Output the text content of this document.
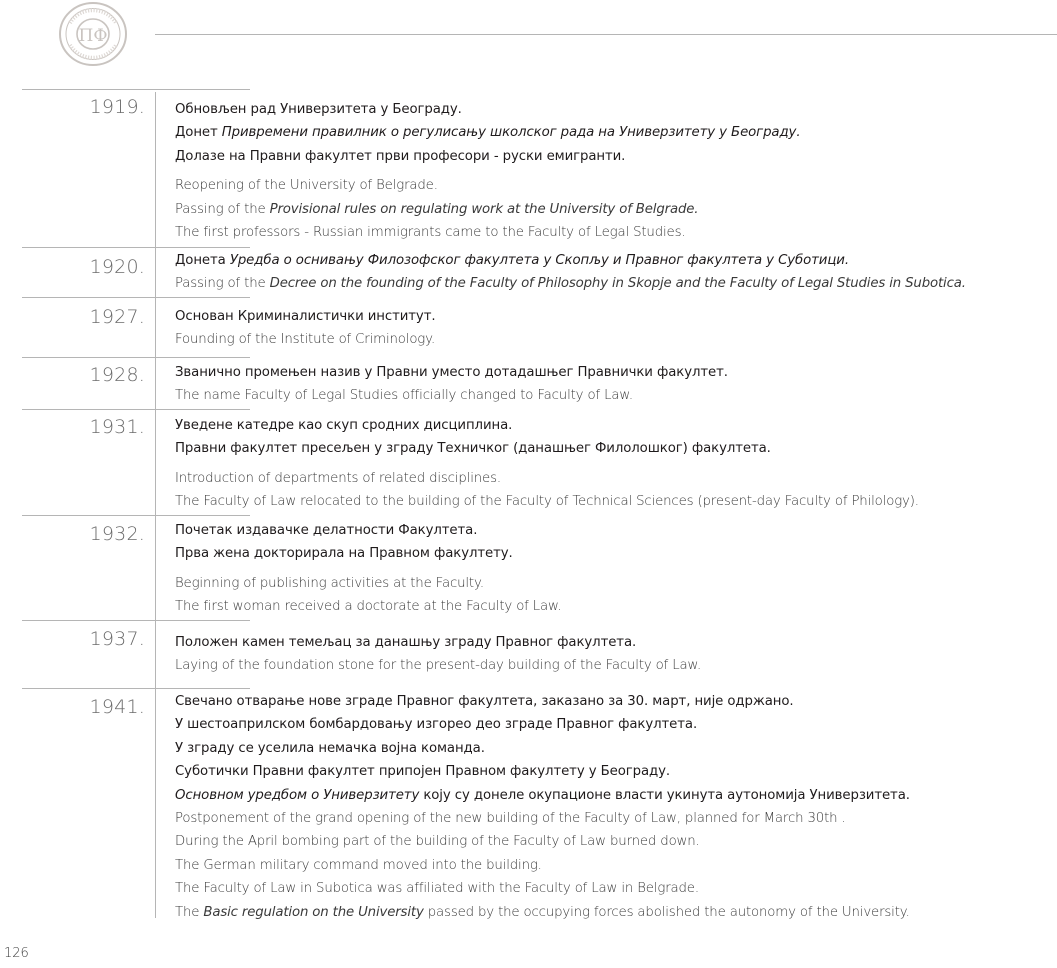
ПФ

1919. Обновљен рад Универзитета у Београду.
Донет Привремени правилник о регулисању школског рада на Универзитету у Београду.
Долазе на Правни факултет први професори - руски емигранти.
Reopening of the University of Belgrade.
Passing of the Provisional rules on regulating work at the University of Belgrade.
The first professors - Russian immigrants came to the Faculty of Legal Studies.

1920. Донета Уредба о оснивању Филозофског факултета у Скопљу и Правног факултета у Суботици.
Passing of the Decree on the founding of the Faculty of Philosophy in Skopje and the Faculty of Legal Studies in Subotica.

1927. Основан Криминалистички институт.
Founding of the Institute of Criminology.

1928. Званично промењен назив у Правни уместо дотадашњег Правнички факултет.
The name Faculty of Legal Studies officially changed to Faculty of Law.

1931. Уведене катедре као скуп сродних дисциплина.
Правни факултет пресељен у зграду Техничког (данашњег Филолошког) факултета.
Introduction of departments of related disciplines.
The Faculty of Law relocated to the building of the Faculty of Technical Sciences (present-day Faculty of Philology).

1932. Почетак издавачке делатности Факултета.
Прва жена докторирала на Правном факултету.
Beginning of publishing activities at the Faculty.
The first woman received a doctorate at the Faculty of Law.

1937. Положен камен темељац за данашњу зграду Правног факултета.
Laying of the foundation stone for the present-day building of the Faculty of Law.

1941. Свечано отварање нове зграде Правног факултета, заказано за 30. март, није одржано.
У шестоаприлском бомбардовању изгорео део зграде Правног факултета.
У зграду се уселила немачка војна команда.
Суботички Правни факултет припојен Правном факултету у Београду.
Основном уредбом о Универзитету коју су донеле окупационе власти укинута аутономија Универзитета.
Postponement of the grand opening of the new building of the Faculty of Law, planned for March 30th .
During the April bombing part of the building of the Faculty of Law burned down.
The German military command moved into the building.
The Faculty of Law in Subotica was affiliated with the Faculty of Law in Belgrade.
The Basic regulation on the University passed by the occupying forces abolished the autonomy of the University.
126
